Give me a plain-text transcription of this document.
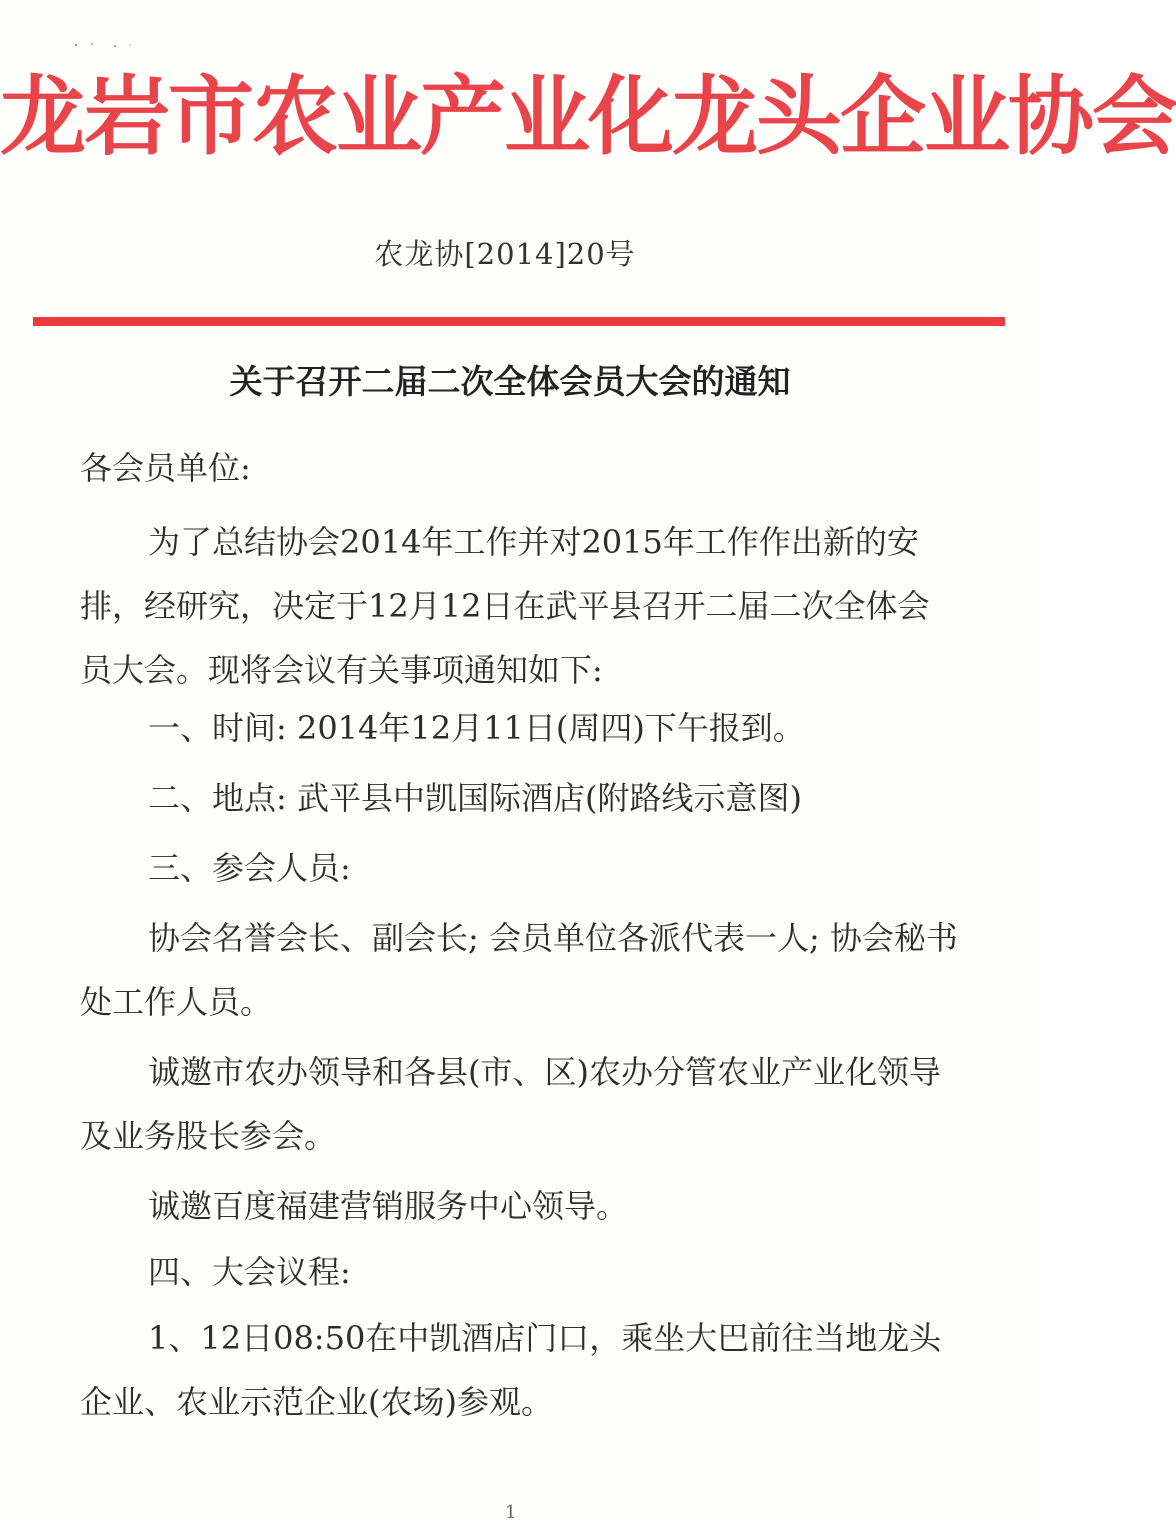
龙岩市农业产业化龙头企业协会
农龙协[2014]20号
关于召开二届二次全体会员大会的通知
各会员单位:

为了总结协会2014年工作并对2015年工作作出新的安排，经研究，决定于12月12日在武平县召开二届二次全体会员大会。现将会议有关事项通知如下:

一、时间: 2014年12月11日(周四)下午报到。

二、地点: 武平县中凯国际酒店(附路线示意图)

三、参会人员:

协会名誉会长、副会长; 会员单位各派代表一人; 协会秘书处工作人员。

诚邀市农办领导和各县(市、区)农办分管农业产业化领导及业务股长参会。

诚邀百度福建营销服务中心领导。

四、大会议程:

1、12日08:50在中凯酒店门口，乘坐大巴前往当地龙头企业、农业示范企业(农场)参观。

1
